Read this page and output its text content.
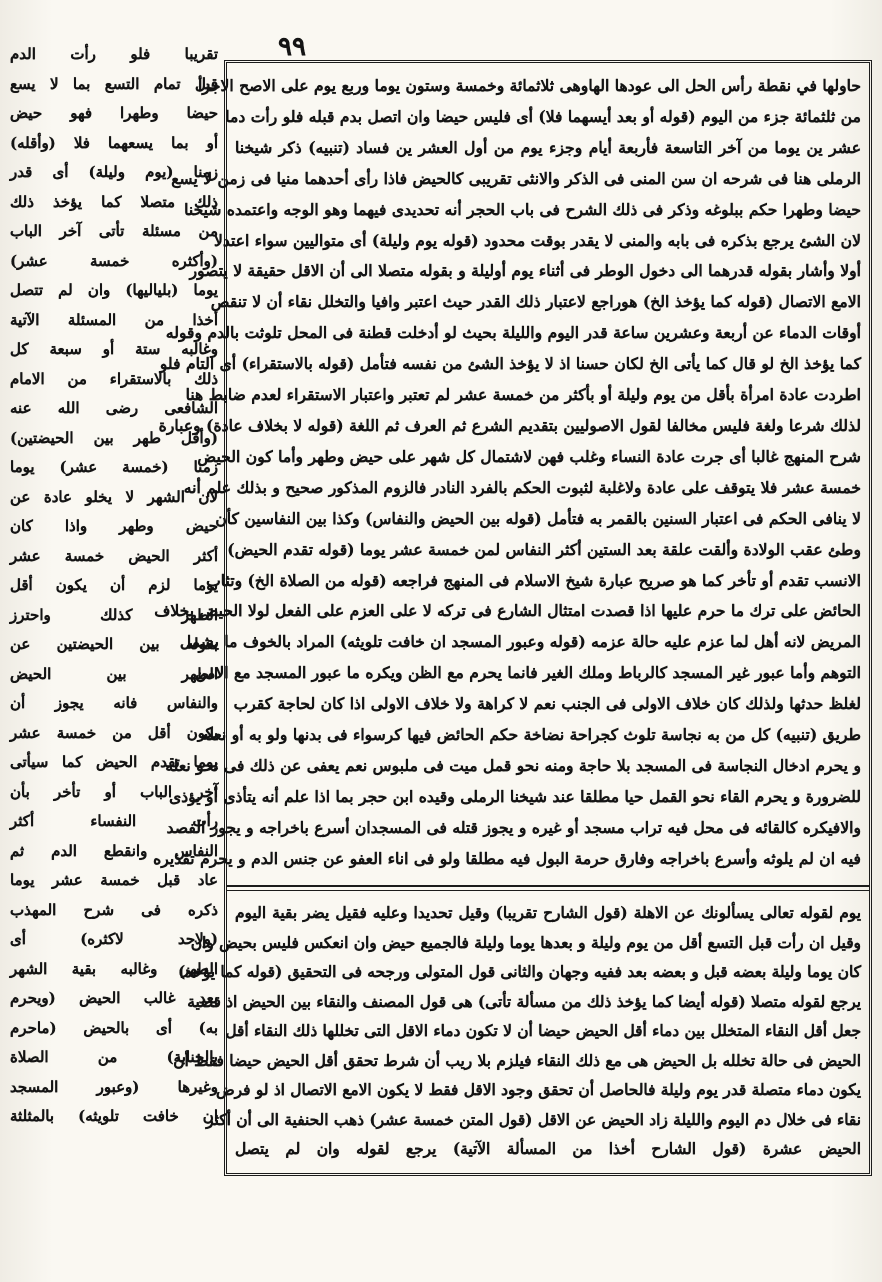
٩٩
تقريبا فلو رأت الدم
قبل تمام التسع بما لا يسع
حيضا وطهرا فهو حيض
أو بما يسعهما فلا (وأقله)
زمنا (يوم وليلة) أى قدر
ذلك متصلا كما يؤخذ ذلك
من مسئلة تأتى آخر الباب
(وأكثره خمسة عشر)
يوما (بلياليها) وان لم تتصل
أخذا من المسئلة الآتية
وغالبه ستة أو سبعة كل
ذلك بالاستقراء من الامام
الشافعى رضى الله عنه
(وأقل طهر بين الحيضتين)
زمنا (خمسة عشر) يوما
لان الشهر لا يخلو عادة عن
حيض وطهر واذا كان
أكثر الحيض خمسة عشر
يوما لزم أن يكون أقل
الطهر كذلك واحترز
بقوله بين الحيضتين عن
الطهر بين الحيض
والنفاس فانه يجوز أن
يكون أقل من خمسة عشر
يوما تقدم الحيض كما سيأتى
آخر الباب أو تأخر بأن
رأت النفساء أكثر
النفاس وانقطع الدم ثم
عاد قبل خمسة عشر يوما
ذكره فى شرح المهذب
(ولاحد لاكثره) أى
الطهر وغالبه بقية الشهر
بعد غالب الحيض (ويحرم
به) أى بالحيض (ماحرم
بالجنابة) من الصلاة
وغيرها (وعبور المسجد
ان خافت تلويثه) بالمثلثة
حاولها في نقطة رأس الحل الى عودها الهاوهى ثلاثمائة وخمسة وستون يوما وربع يوم على الاصح الاجزأ
من ثلثمائة جزء من اليوم (قوله أو بعد أيسهما فلا) أى فليس حيضا وان اتصل بدم قبله فلو رأت دما
عشر ين يوما من آخر التاسعة فأربعة أيام وجزء يوم من أول العشر ين فساد (تنبيه) ذكر شيخنا
الرملى هنا فى شرحه ان سن المنى فى الذكر والانثى تقريبى كالحيض فاذا رأى أحدهما منيا فى زمن لا يسع
حيضا وطهرا حكم ببلوغه وذكر فى ذلك الشرح فى باب الحجر أنه تحديدى فيهما وهو الوجه واعتمده شيخنا
لان الشئ يرجع بذكره فى بابه والمنى لا يقدر بوقت محدود (قوله يوم وليلة) أى متواليين سواء اعتدلا
أولا وأشار بقوله قدرهما الى دخول الوطر فى أثناء يوم أوليلة و بقوله متصلا الى أن الاقل حقيقة لا يتصور
الامع الاتصال (قوله كما يؤخذ الخ) هوراجع لاعتبار ذلك القدر حيث اعتبر وافيا والتخلل نقاء أن لا تنقص
أوقات الدماء عن أربعة وعشرين ساعة قدر اليوم والليلة بحيث لو أدخلت قطنة فى المحل تلوثت بالدم وقوله
كما يؤخذ الخ لو قال كما يأتى الخ لكان حسنا اذ لا يؤخذ الشئ من نفسه فتأمل (قوله بالاستقراء) أى التام فلو
اطردت عادة امرأة بأقل من يوم وليلة أو بأكثر من خمسة عشر لم تعتبر واعتبار الاستقراء لعدم ضابط هنا
لذلك شرعا ولغة فليس مخالفا لقول الاصوليين بتقديم الشرع ثم العرف ثم اللغة (قوله لا بخلاف عادة) وعبارة
شرح المنهج غالبا أى جرت عادة النساء وغلب فهن لاشتمال كل شهر على حيض وطهر وأما كون الحيض
خمسة عشر فلا يتوقف على عادة ولاغلبة لثبوت الحكم بالفرد النادر فالزوم المذكور صحيح و بذلك علم أنه
لا ينافى الحكم فى اعتبار السنين بالقمر به فتأمل (قوله بين الحيض والنفاس) وكذا بين النفاسين كأن
وطئ عقب الولادة وألقت علقة بعد الستين أكثر النفاس لمن خمسة عشر يوما (قوله تقدم الحيض)
الانسب تقدم أو تأخر كما هو صريح عبارة شيخ الاسلام فى المنهج فراجعه (قوله من الصلاة الخ) وتثاب
الحائض على ترك ما حرم عليها اذا قصدت امتثال الشارع فى تركه لا على العزم على الفعل لولا الحيض بخلاف
المريض لانه أهل لما عزم عليه حالة عزمه (قوله وعبور المسجد ان خافت تلويثه) المراد بالخوف ما يشمل
التوهم وأما عبور غير المسجد كالرباط وملك الغير فانما يحرم مع الظن ويكره ما عبور المسجد مع الامن
لغلظ حدثها ولذلك كان خلاف الاولى فى الجنب نعم لا كراهة ولا خلاف الاولى اذا كان لحاجة كقرب
طريق (تنبيه) كل من به نجاسة تلوث كجراحة نضاخة حكم الحائض فيها كرسواء فى بدنها ولو به أو نعله
و يحرم ادخال النجاسة فى المسجد بلا حاجة ومنه نحو قمل ميت فى ملبوس نعم يعفى عن ذلك فى نحو نعله
للضرورة و يحرم القاء نحو القمل حيا مطلقا عند شيخنا الرملى وقيده ابن حجر بما اذا علم أنه يتأذى أو يؤذى
والافيكره كالقائه فى محل فيه تراب مسجد أو غيره و يجوز قتله فى المسجدان أسرع باخراجه و يجوز الفصد
فيه ان لم يلوثه وأسرع باخراجه وفارق حرمة البول فيه مطلقا ولو فى اناء العفو عن جنس الدم و يحرم تقذيره
يوم لقوله تعالى يسألونك عن الاهلة (قول الشارح تقريبا) وقيل تحديدا وعليه فقيل يضر بقية اليوم
وقيل ان رأت قبل التسع أقل من يوم وليلة و بعدها يوما وليلة فالجميع حيض وان انعكس فليس بحيض وان
كان يوما وليلة بعضه قبل و بعضه بعد ففيه وجهان والثانى قول المتولى ورجحه فى التحقيق (قوله كما يؤخذ)
يرجع لقوله متصلا (قوله أيضا كما يؤخذ ذلك من مسألة تأتى) هى قول المصنف والنقاء بين الحيض اذ قضية
جعل أقل النقاء المتخلل بين دماء أقل الحيض حيضا أن لا تكون دماء الاقل التى تخللها ذلك النقاء أقل
الحيض فى حالة تخلله بل الحيض هى مع ذلك النقاء فيلزم بلا ريب أن شرط تحقق أقل الحيض حيضا فقط أن
يكون دماء متصلة قدر يوم وليلة فالحاصل أن تحقق وجود الاقل فقط لا يكون الامع الاتصال اذ لو فرض
نقاء فى خلال دم اليوم والليلة زاد الحيض عن الاقل (قول المتن خمسة عشر) ذهب الحنفية الى أن أكثر
الحيض عشرة (قول الشارح أخذا من المسألة الآتية) يرجع لقوله وان لم يتصل
